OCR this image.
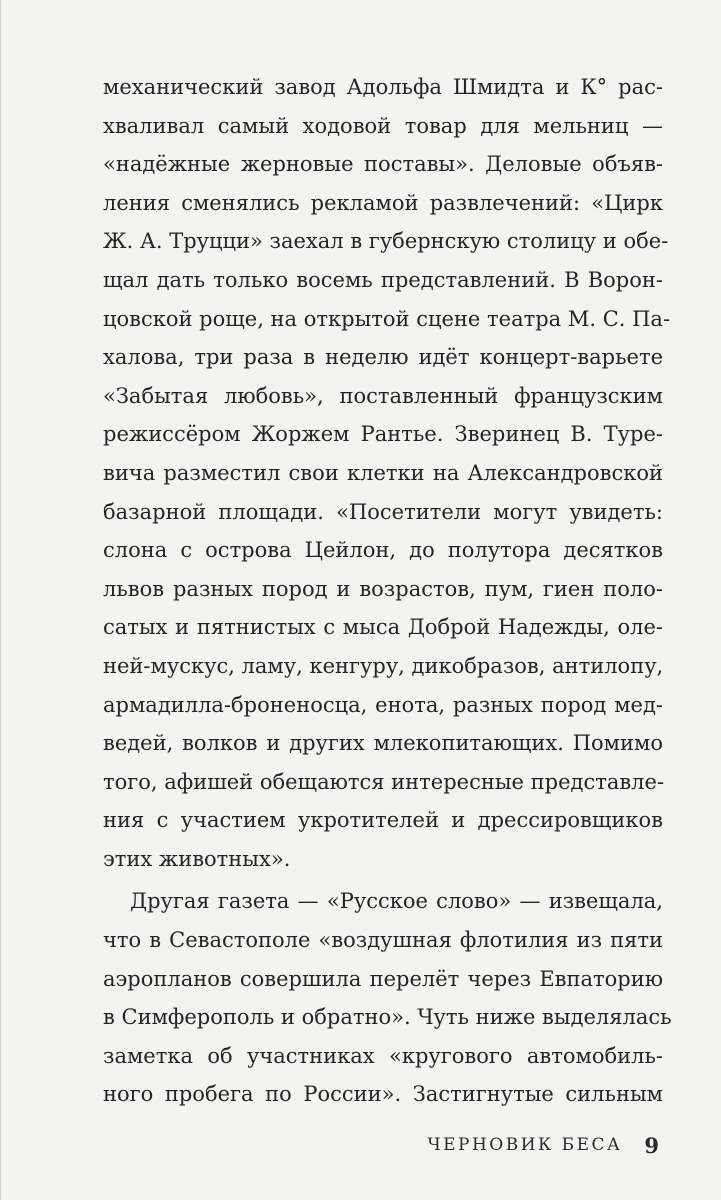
механический завод Адольфа Шмидта и К° рас-
хваливал самый ходовой товар для мельниц —
«надёжные жерновые поставы». Деловые объяв-
ления сменялись рекламой развлечений: «Цирк
Ж. А. Труцци» заехал в губернскую столицу и обе-
щал дать только восемь представлений. В Ворон-
цовской роще, на открытой сцене театра М. С. Па-
халова, три раза в неделю идёт концерт-варьете
«Забытая любовь», поставленный французским
режиссёром Жоржем Рантье. Зверинец В. Туре-
вича разместил свои клетки на Александровской
базарной площади. «Посетители могут увидеть:
слона с острова Цейлон, до полутора десятков
львов разных пород и возрастов, пум, гиен поло-
сатых и пятнистых с мыса Доброй Надежды, оле-
ней-мускус, ламу, кенгуру, дикобразов, антилопу,
армадилла-броненосца, енота, разных пород мед-
ведей, волков и других млекопитающих. Помимо
того, афишей обещаются интересные представле-
ния с участием укротителей и дрессировщиков
этих животных».
Другая газета — «Русское слово» — извещала,
что в Севастополе «воздушная флотилия из пяти
аэропланов совершила перелёт через Евпаторию
в Симферополь и обратно». Чуть ниже выделялась
заметка об участниках «кругового автомобиль-
ного пробега по России». Застигнутые сильным
ЧЕРНОВИК БЕСА 9
